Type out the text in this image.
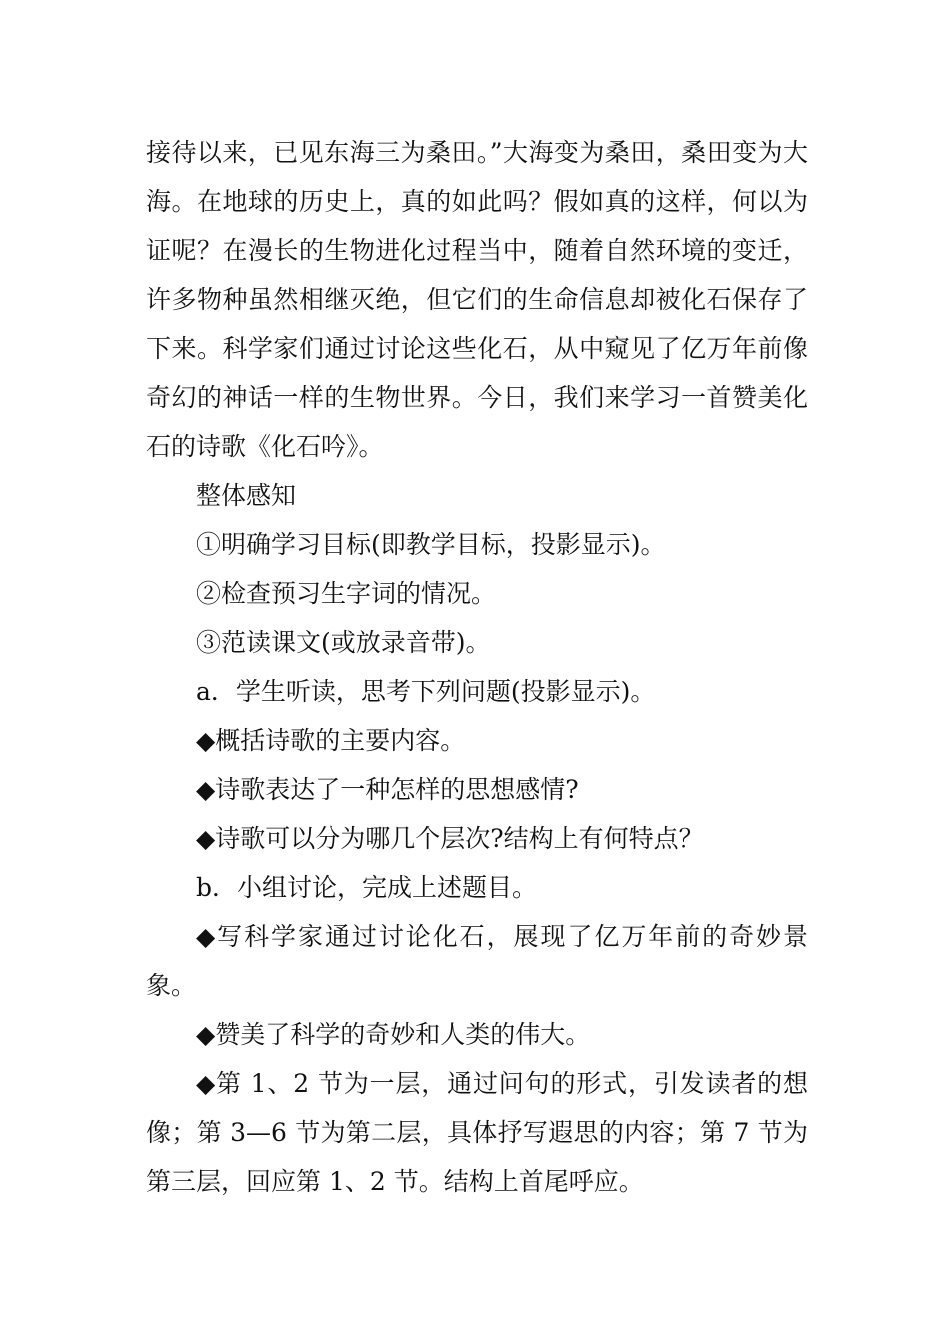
接待以来，已见东海三为桑田。”大海变为桑田，桑田变为大海。在地球的历史上，真的如此吗？假如真的这样，何以为证呢？在漫长的生物进化过程当中，随着自然环境的变迁，许多物种虽然相继灭绝，但它们的生命信息却被化石保存了下来。科学家们通过讨论这些化石，从中窥见了亿万年前像奇幻的神话一样的生物世界。今日，我们来学习一首赞美化石的诗歌《化石吟》。

整体感知

①明确学习目标(即教学目标，投影显示)。

②检查预习生字词的情况。

③范读课文(或放录音带)。

a．学生听读，思考下列问题(投影显示)。

◆概括诗歌的主要内容。

◆诗歌表达了一种怎样的思想感情?

◆诗歌可以分为哪几个层次?结构上有何特点？

b．小组讨论，完成上述题目。

◆写科学家通过讨论化石，展现了亿万年前的奇妙景象。

◆赞美了科学的奇妙和人类的伟大。

◆第 1、2 节为一层，通过问句的形式，引发读者的想像；第 3—6 节为第二层，具体抒写遐思的内容；第 7 节为第三层，回应第 1、2 节。结构上首尾呼应。
